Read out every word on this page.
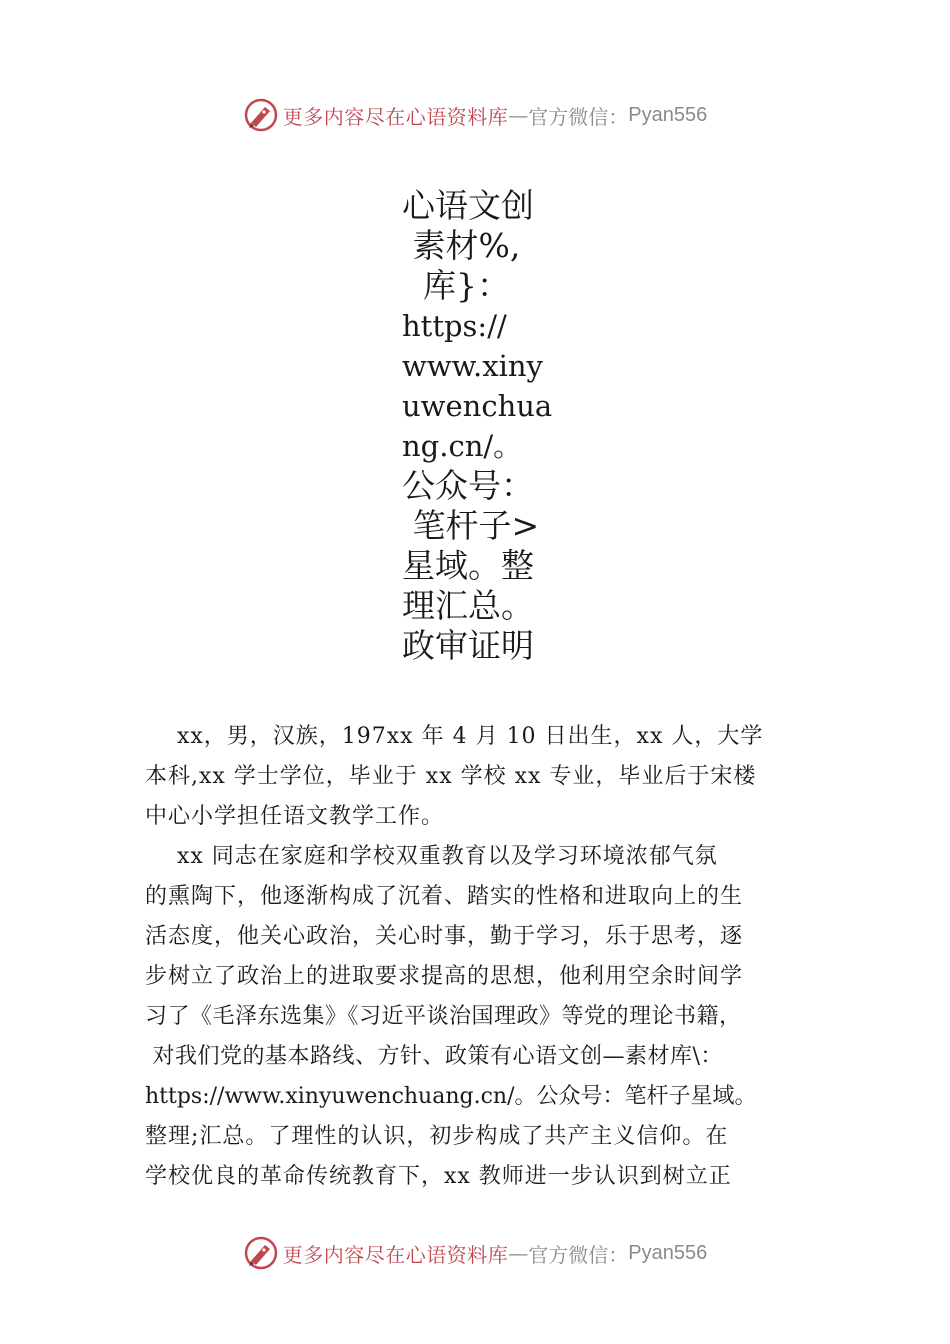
更多内容尽在心语资料库 — 官方微信： Pyan556
心语文创
素材%,
库}：
https://
www.xiny
uwenchua
ng.cn/。
公众号：
笔杆子>
星域。整
理汇总。
政审证明
xx，男，汉族，197xx 年 4 月 10 日出生，xx 人，大学
本科,xx 学士学位，毕业于 xx 学校 xx 专业，毕业后于宋楼
中心小学担任语文教学工作。
xx 同志在家庭和学校双重教育以及学习环境浓郁气氛
的熏陶下，他逐渐构成了沉着、踏实的性格和进取向上的生
活态度，他关心政治，关心时事，勤于学习，乐于思考，逐
步树立了政治上的进取要求提高的思想，他利用空余时间学
习了《毛泽东选集》《习近平谈治国理政》等党的理论书籍，
对我们党的基本路线、方针、政策有心语文创—素材库\：
https://www.xinyuwenchuang.cn/。公众号：笔杆子星域。
整理;汇总。了理性的认识，初步构成了共产主义信仰。在
学校优良的革命传统教育下，xx 教师进一步认识到树立正
更多内容尽在心语资料库 — 官方微信： Pyan556
